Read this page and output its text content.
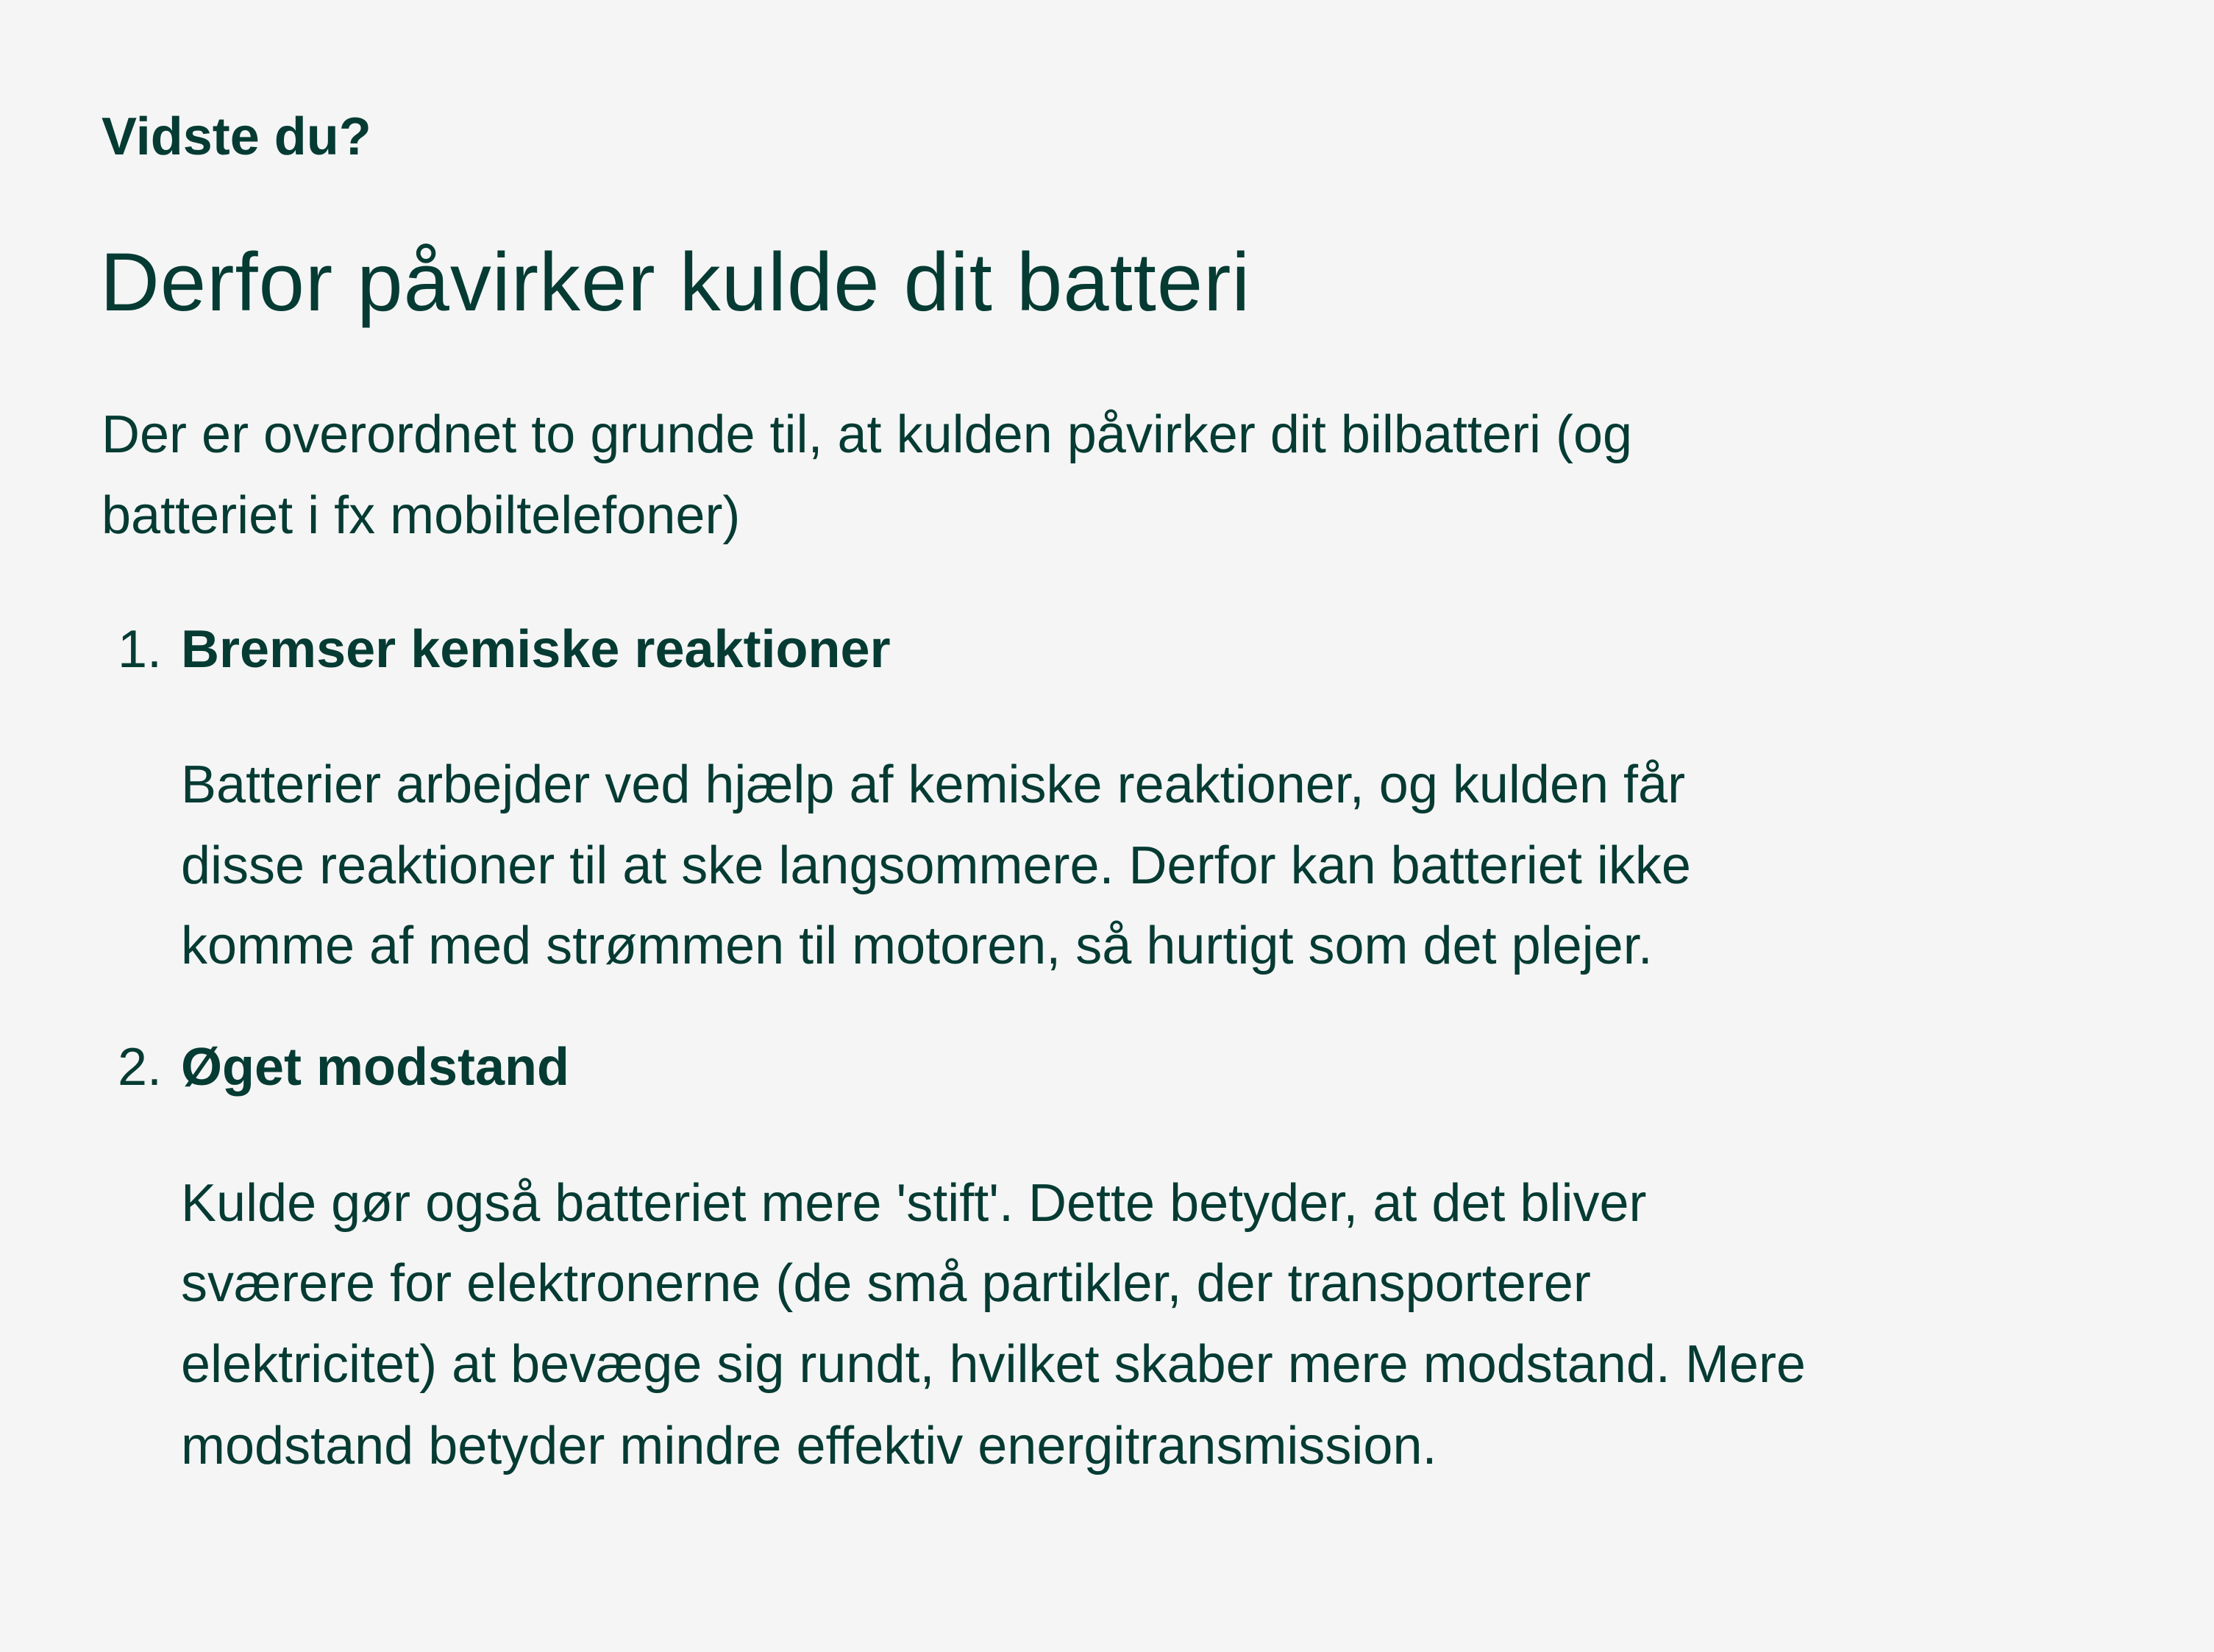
Vidste du?
Derfor påvirker kulde dit batteri
Der er overordnet to grunde til, at kulden påvirker dit bilbatteri (og
batteriet i fx mobiltelefoner)
1. Bremser kemiske reaktioner
Batterier arbejder ved hjælp af kemiske reaktioner, og kulden får
disse reaktioner til at ske langsommere. Derfor kan batteriet ikke
komme af med strømmen til motoren, så hurtigt som det plejer.
2. Øget modstand
Kulde gør også batteriet mere 'stift'. Dette betyder, at det bliver
sværere for elektronerne (de små partikler, der transporterer
elektricitet) at bevæge sig rundt, hvilket skaber mere modstand. Mere
modstand betyder mindre effektiv energitransmission.
